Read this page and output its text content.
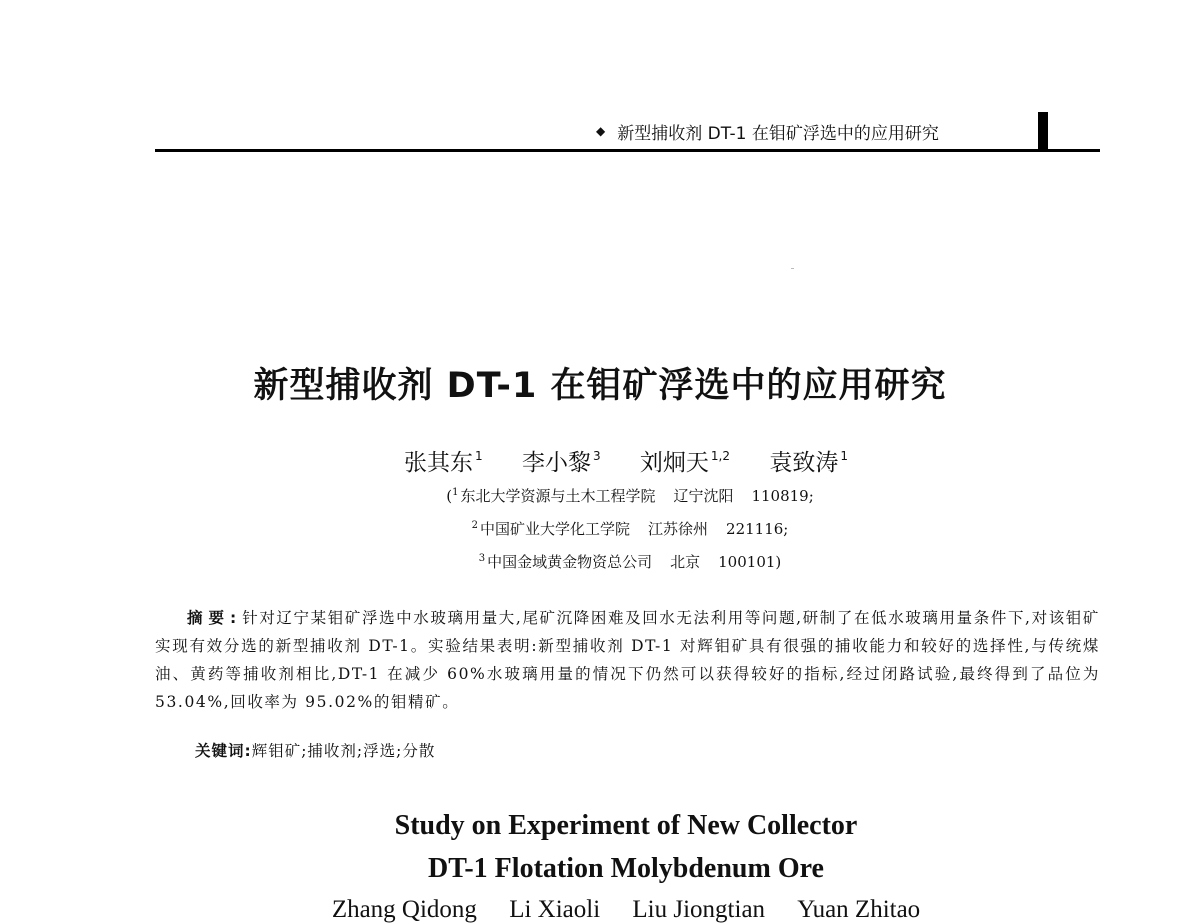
◆ 新型捕收剂 DT-1 在钼矿浮选中的应用研究
新型捕收剂 DT-1 在钼矿浮选中的应用研究
张其东 $^1$ 李小黎 $^3$ 刘炯天 $^{1,2}$ 袁致涛 $^1$
($^1$ 东北大学资源与土木工程学院 辽宁沈阳 110819;
$^2$ 中国矿业大学化工学院 江苏徐州 221116;
$^3$ 中国金域黄金物资总公司 北京 100101)
摘要:针对辽宁某钼矿浮选中水玻璃用量大,尾矿沉降困难及回水无法利用等问题,研制了在低水玻璃用量条件下,对该钼矿实现有效分选的新型捕收剂 DT-1。实验结果表明:新型捕收剂 DT-1 对辉钼矿具有很强的捕收能力和较好的选择性,与传统煤油、黄药等捕收剂相比,DT-1 在减少 60%水玻璃用量的情况下仍然可以获得较好的指标,经过闭路试验,最终得到了品位为 53.04%,回收率为 95.02%的钼精矿。
关键词:辉钼矿;捕收剂;浮选;分散
Study on Experiment of New Collector
DT-1 Flotation Molybdenum Ore
Zhang Qidong Li Xiaoli Liu Jiongtian Yuan Zhitao
